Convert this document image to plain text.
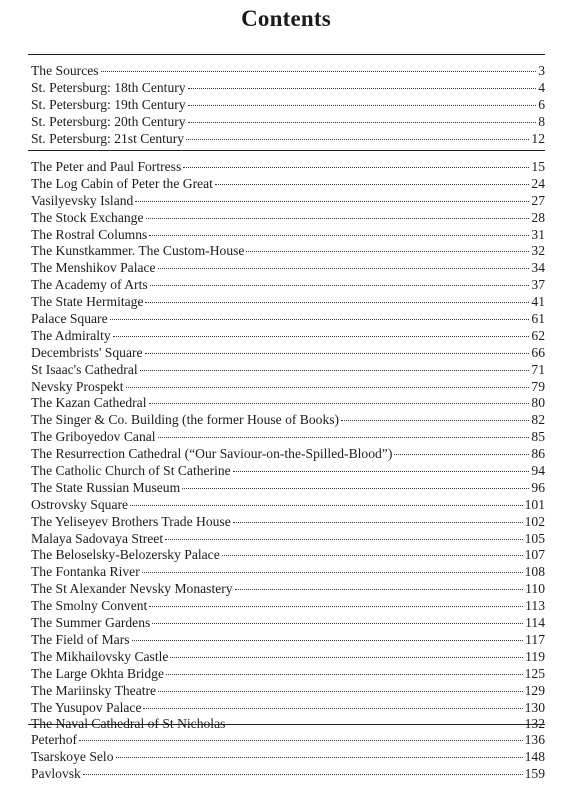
Contents
The Sources	3
St. Petersburg: 18th Century	4
St. Petersburg: 19th Century	6
St. Petersburg: 20th Century	8
St. Petersburg: 21st Century	12
The Peter and Paul Fortress	15
The Log Cabin of Peter the Great	24
Vasilyevsky Island	27
The Stock Exchange	28
The Rostral Columns	31
The Kunstkammer. The Custom-House	32
The Menshikov Palace	34
The Academy of Arts	37
The State Hermitage	41
Palace Square	61
The Admiralty	62
Decembrists' Square	66
St Isaac's Cathedral	71
Nevsky Prospekt	79
The Kazan Cathedral	80
The Singer & Co. Building (the former House of Books)	82
The Griboyedov Canal	85
The Resurrection Cathedral (“Our Saviour-on-the-Spilled-Blood”)	86
The Catholic Church of St Catherine	94
The State Russian Museum	96
Ostrovsky Square	101
The Yeliseyev Brothers Trade House	102
Malaya Sadovaya Street	105
The Beloselsky-Belozersky Palace	107
The Fontanka River	108
The St Alexander Nevsky Monastery	110
The Smolny Convent	113
The Summer Gardens	114
The Field of Mars	117
The Mikhailovsky Castle	119
The Large Okhta Bridge	125
The Mariinsky Theatre	129
The Yusupov Palace	130
The Naval Cathedral of St Nicholas	132
Peterhof	136
Tsarskoye Selo	148
Pavlovsk	159
